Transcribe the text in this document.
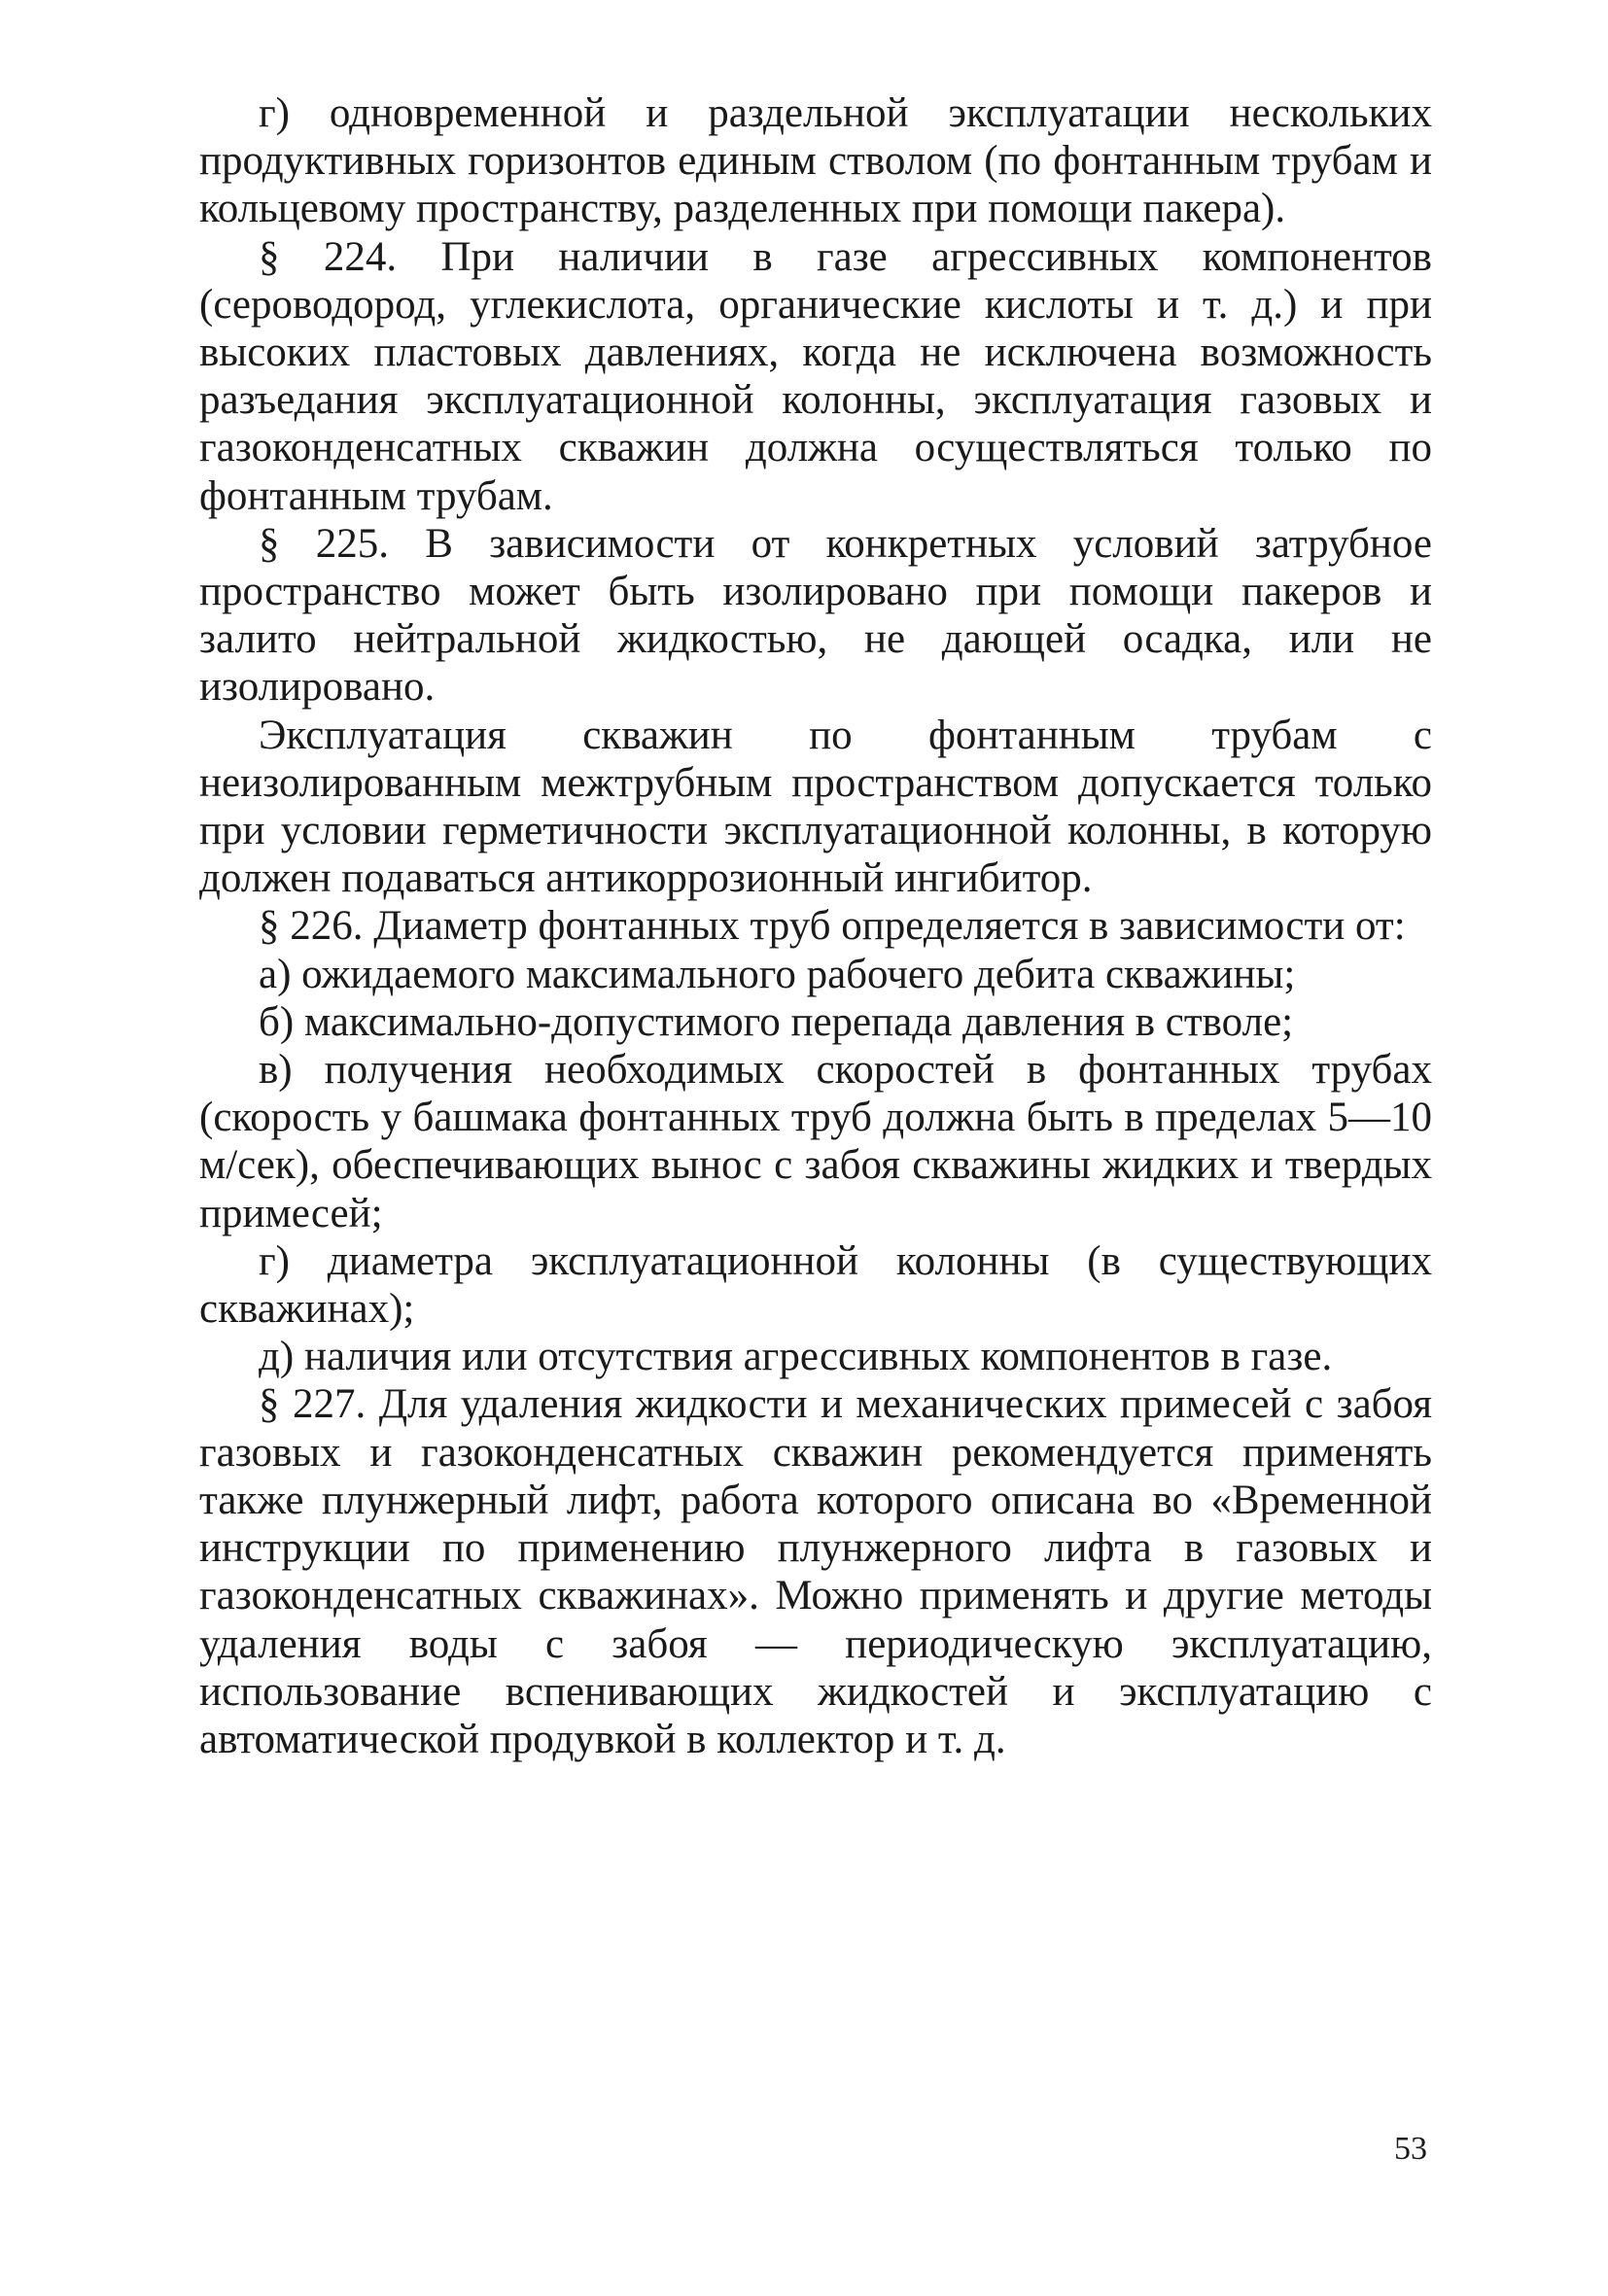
г) одновременной и раздельной эксплуатации нескольких продуктивных горизонтов единым стволом (по фонтанным трубам и кольцевому пространству, разделенных при помощи пакера).

§ 224. При наличии в газе агрессивных компонентов (сероводород, углекислота, органические кислоты и т. д.) и при высоких пластовых давлениях, когда не исключена возможность разъедания эксплуатационной колонны, эксплуатация газовых и газоконденсатных скважин должна осуществляться только по фонтанным трубам.

§ 225. В зависимости от конкретных условий затрубное пространство может быть изолировано при помощи пакеров и залито нейтральной жидкостью, не дающей осадка, или не изолировано.

Эксплуатация скважин по фонтанным трубам с неизолированным межтрубным пространством допускается только при условии герметичности эксплуатационной колонны, в которую должен подаваться антикоррозионный ингибитор.

§ 226. Диаметр фонтанных труб определяется в зависимости от:

а) ожидаемого максимального рабочего дебита скважины;

б) максимально-допустимого перепада давления в стволе;

в) получения необходимых скоростей в фонтанных трубах (скорость у башмака фонтанных труб должна быть в пределах 5—10 м/сек), обеспечивающих вынос с забоя скважины жидких и твердых примесей;

г) диаметра эксплуатационной колонны (в существующих скважинах);

д) наличия или отсутствия агрессивных компонентов в газе.

§ 227. Для удаления жидкости и механических примесей с забоя газовых и газоконденсатных скважин рекомендуется применять также плунжерный лифт, работа которого описана во «Временной инструкции по применению плунжерного лифта в газовых и газоконденсатных скважинах». Можно применять и другие методы удаления воды с забоя — периодическую эксплуатацию, использование вспенивающих жидкостей и эксплуатацию с автоматической продувкой в коллектор и т. д.

53
